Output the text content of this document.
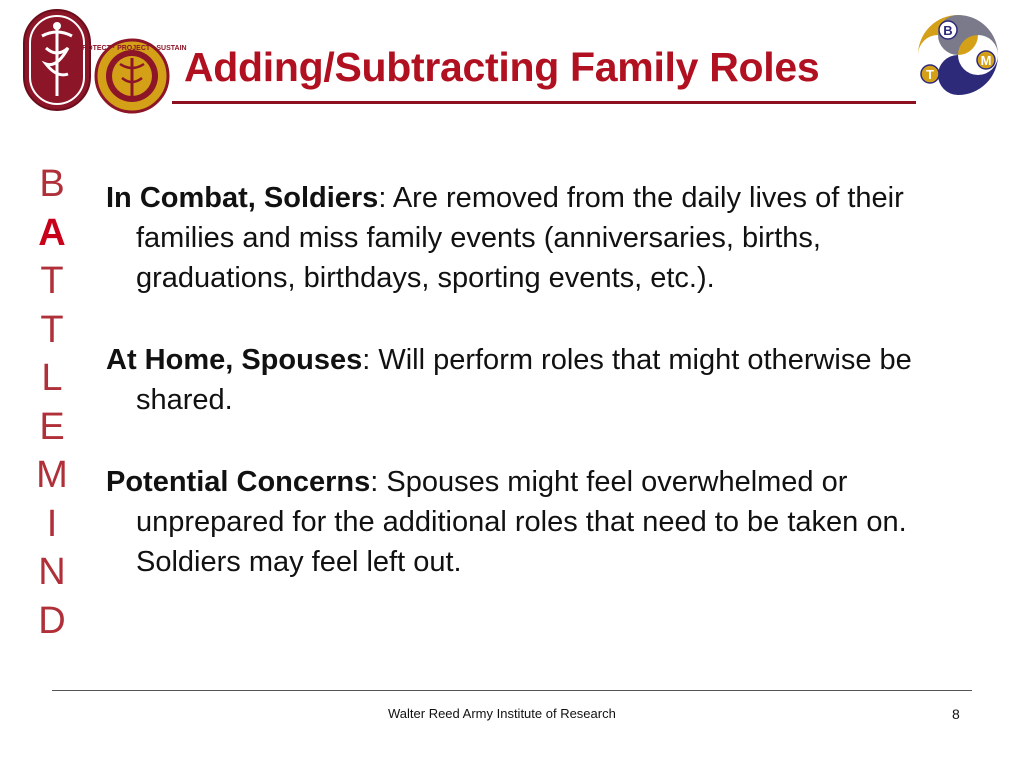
PROTECT · PROJECT · SUSTAIN
Adding/Subtracting Family Roles
B
T
M
B
A
T
T
L
E
M
I
N
D

In Combat, Soldiers: Are removed from the daily lives of their families and miss family events (anniversaries, births, graduations, birthdays, sporting events, etc.).

At Home, Spouses: Will perform roles that might otherwise be shared.

Potential Concerns: Spouses might feel overwhelmed or unprepared for the additional roles that need to be taken on. Soldiers may feel left out.

Walter Reed Army Institute of Research	8
